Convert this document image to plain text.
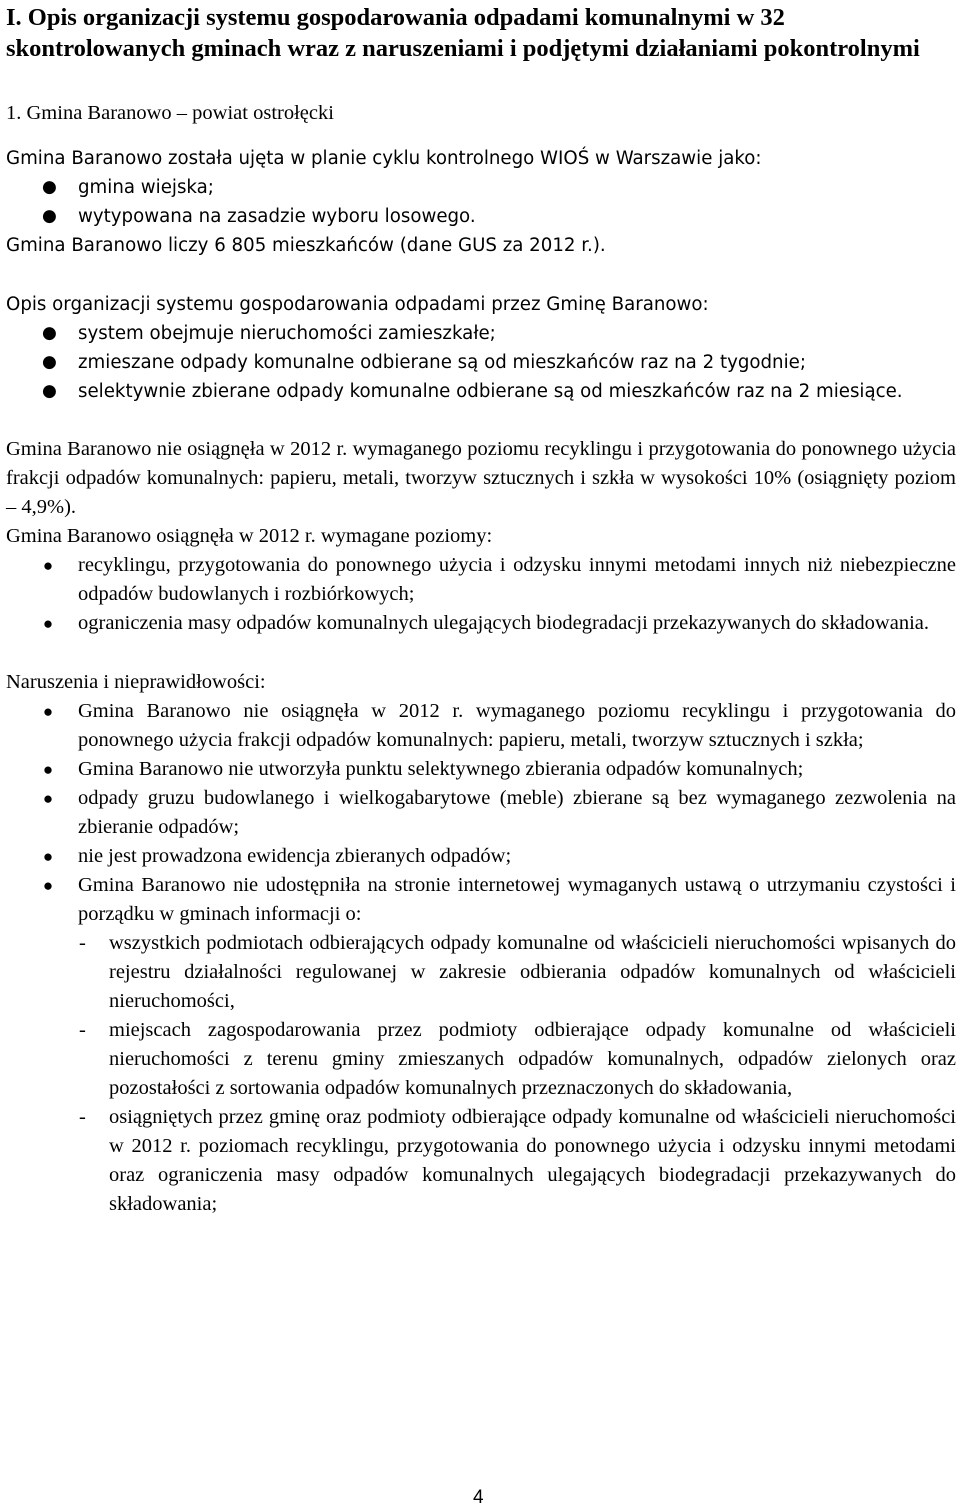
I. Opis organizacji systemu gospodarowania odpadami komunalnymi w 32 skontrolowanych gminach wraz z naruszeniami i podjętymi działaniami pokontrolnymi

1. Gmina Baranowo – powiat ostrołęcki

Gmina Baranowo została ujęta w planie cyklu kontrolnego WIOŚ w Warszawie jako:

● gmina wiejska;
● wytypowana na zasadzie wyboru losowego.

Gmina Baranowo liczy 6 805 mieszkańców (dane GUS za 2012 r.).

Opis organizacji systemu gospodarowania odpadami przez Gminę Baranowo:

● system obejmuje nieruchomości zamieszkałe;
● zmieszane odpady komunalne odbierane są od mieszkańców raz na 2 tygodnie;
● selektywnie zbierane odpady komunalne odbierane są od mieszkańców raz na 2 miesiące.

Gmina Baranowo nie osiągnęła w 2012 r. wymaganego poziomu recyklingu i przygotowania do ponownego użycia frakcji odpadów komunalnych: papieru, metali, tworzyw sztucznych i szkła w wysokości 10% (osiągnięty poziom – 4,9%).

Gmina Baranowo osiągnęła w 2012 r. wymagane poziomy:

● recyklingu, przygotowania do ponownego użycia i odzysku innymi metodami innych niż niebezpieczne odpadów budowlanych i rozbiórkowych;
● ograniczenia masy odpadów komunalnych ulegających biodegradacji przekazywanych do składowania.

Naruszenia i nieprawidłowości:

● Gmina Baranowo nie osiągnęła w 2012 r. wymaganego poziomu recyklingu i przygotowania do ponownego użycia frakcji odpadów komunalnych: papieru, metali, tworzyw sztucznych i szkła;
● Gmina Baranowo nie utworzyła punktu selektywnego zbierania odpadów komunalnych;
● odpady gruzu budowlanego i wielkogabarytowe (meble) zbierane są bez wymaganego zezwolenia na zbieranie odpadów;
● nie jest prowadzona ewidencja zbieranych odpadów;
● Gmina Baranowo nie udostępniła na stronie internetowej wymaganych ustawą o utrzymaniu czystości i porządku w gminach informacji o:
- wszystkich podmiotach odbierających odpady komunalne od właścicieli nieruchomości wpisanych do rejestru działalności regulowanej w zakresie odbierania odpadów komunalnych od właścicieli nieruchomości,
- miejscach zagospodarowania przez podmioty odbierające odpady komunalne od właścicieli nieruchomości z terenu gminy zmieszanych odpadów komunalnych, odpadów zielonych oraz pozostałości z sortowania odpadów komunalnych przeznaczonych do składowania,
- osiągniętych przez gminę oraz podmioty odbierające odpady komunalne od właścicieli nieruchomości w 2012 r. poziomach recyklingu, przygotowania do ponownego użycia i odzysku innymi metodami oraz ograniczenia masy odpadów komunalnych ulegających biodegradacji przekazywanych do składowania;
4
